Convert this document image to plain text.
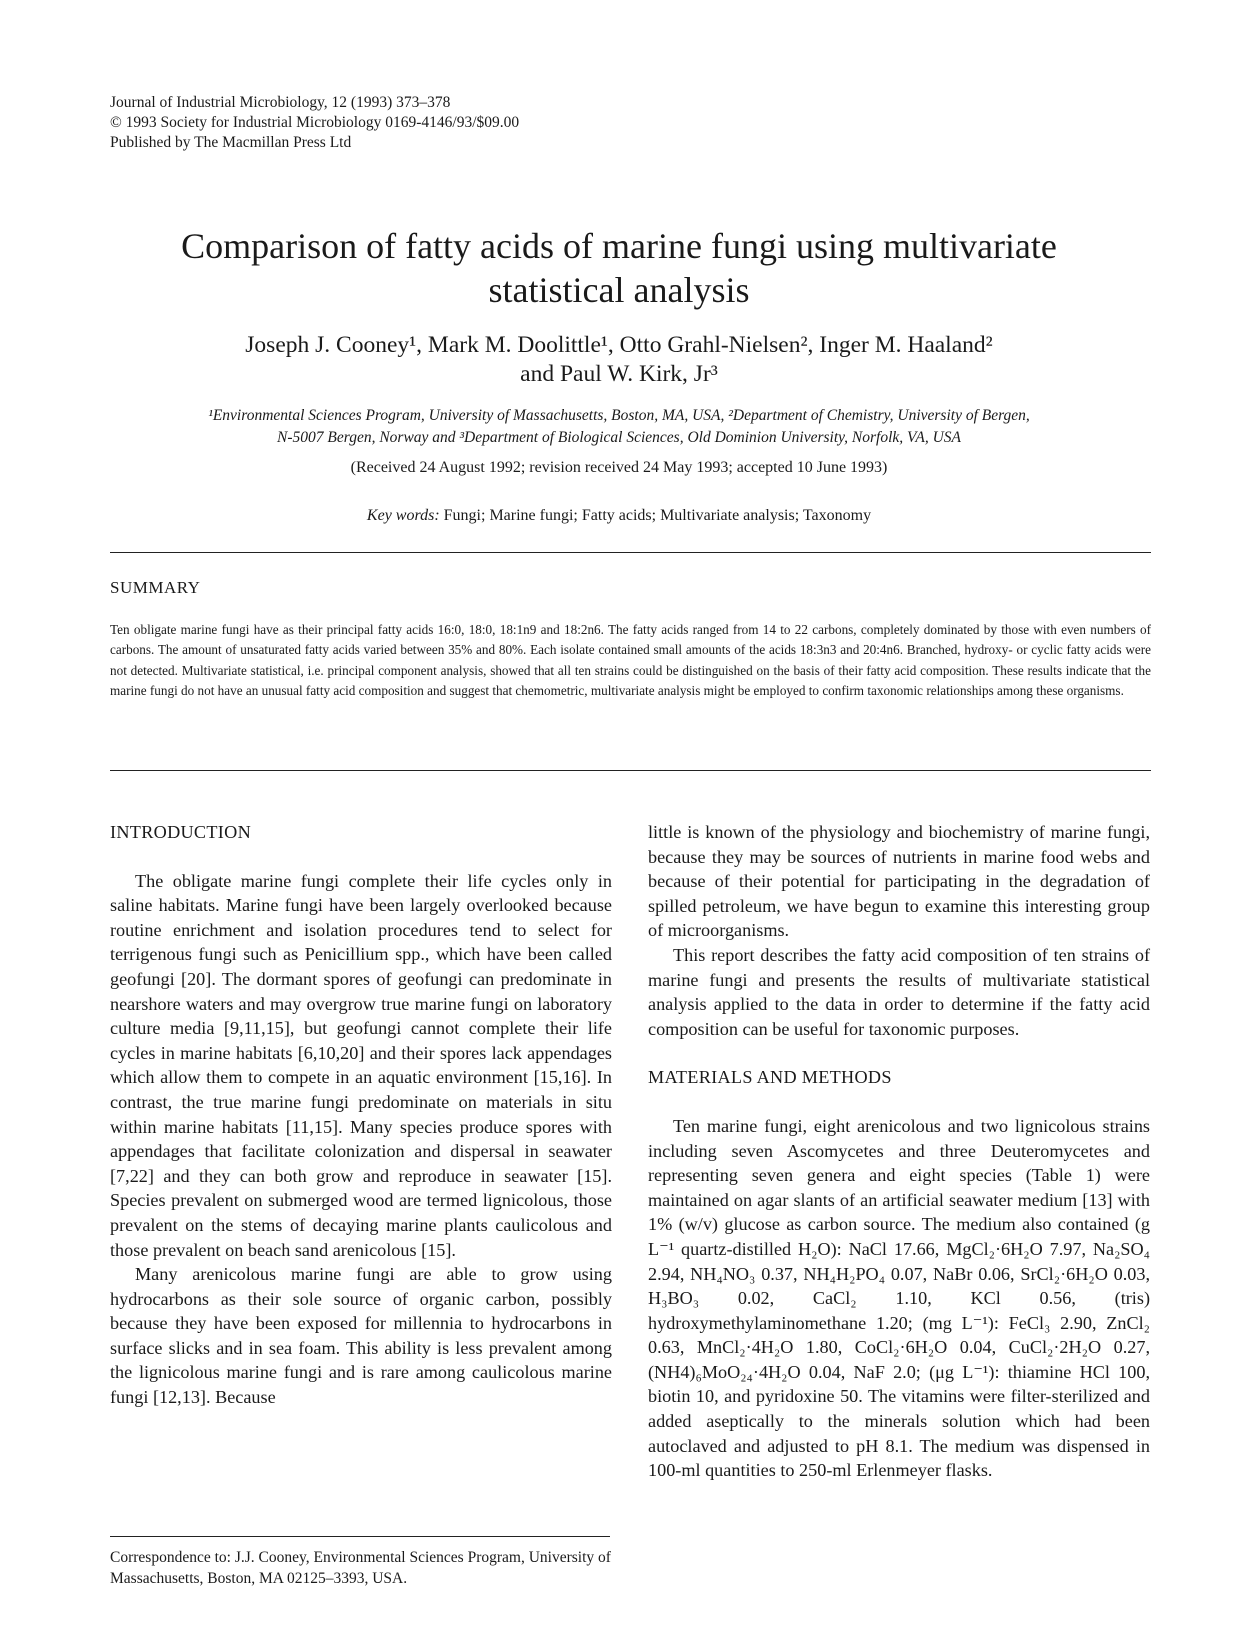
Journal of Industrial Microbiology, 12 (1993) 373–378
© 1993 Society for Industrial Microbiology 0169-4146/93/$09.00
Published by The Macmillan Press Ltd
Comparison of fatty acids of marine fungi using multivariate
statistical analysis
Joseph J. Cooney¹, Mark M. Doolittle¹, Otto Grahl-Nielsen², Inger M. Haaland²
and Paul W. Kirk, Jr³
¹Environmental Sciences Program, University of Massachusetts, Boston, MA, USA, ²Department of Chemistry, University of Bergen,
N-5007 Bergen, Norway and ³Department of Biological Sciences, Old Dominion University, Norfolk, VA, USA
(Received 24 August 1992; revision received 24 May 1993; accepted 10 June 1993)
Key words: Fungi; Marine fungi; Fatty acids; Multivariate analysis; Taxonomy
SUMMARY
Ten obligate marine fungi have as their principal fatty acids 16:0, 18:0, 18:1n9 and 18:2n6. The fatty acids ranged from 14 to 22 carbons, completely dominated by those with even numbers of carbons. The amount of unsaturated fatty acids varied between 35% and 80%. Each isolate contained small amounts of the acids 18:3n3 and 20:4n6. Branched, hydroxy- or cyclic fatty acids were not detected. Multivariate statistical, i.e. principal component analysis, showed that all ten strains could be distinguished on the basis of their fatty acid composition. These results indicate that the marine fungi do not have an unusual fatty acid composition and suggest that chemometric, multivariate analysis might be employed to confirm taxonomic relationships among these organisms.
INTRODUCTION

The obligate marine fungi complete their life cycles only in saline habitats. Marine fungi have been largely overlooked because routine enrichment and isolation procedures tend to select for terrigenous fungi such as Penicillium spp., which have been called geofungi [20]. The dormant spores of geofungi can predominate in nearshore waters and may overgrow true marine fungi on laboratory culture media [9,11,15], but geofungi cannot complete their life cycles in marine habitats [6,10,20] and their spores lack appendages which allow them to compete in an aquatic environment [15,16]. In contrast, the true marine fungi predominate on materials in situ within marine habitats [11,15]. Many species produce spores with appendages that facilitate colonization and dispersal in seawater [7,22] and they can both grow and reproduce in seawater [15]. Species prevalent on submerged wood are termed lignicolous, those prevalent on the stems of decaying marine plants caulicolous and those prevalent on beach sand arenicolous [15].

Many arenicolous marine fungi are able to grow using hydrocarbons as their sole source of organic carbon, possibly because they have been exposed for millennia to hydrocarbons in surface slicks and in sea foam. This ability is less prevalent among the lignicolous marine fungi and is rare among caulicolous marine fungi [12,13]. Because

little is known of the physiology and biochemistry of marine fungi, because they may be sources of nutrients in marine food webs and because of their potential for participating in the degradation of spilled petroleum, we have begun to examine this interesting group of microorganisms.

This report describes the fatty acid composition of ten strains of marine fungi and presents the results of multivariate statistical analysis applied to the data in order to determine if the fatty acid composition can be useful for taxonomic purposes.

MATERIALS AND METHODS

Ten marine fungi, eight arenicolous and two lignicolous strains including seven Ascomycetes and three Deuteromycetes and representing seven genera and eight species (Table 1) were maintained on agar slants of an artificial seawater medium [13] with 1% (w/v) glucose as carbon source. The medium also contained (g L⁻¹ quartz-distilled H₂O): NaCl 17.66, MgCl₂·6H₂O 7.97, Na₂SO₄ 2.94, NH₄NO₃ 0.37, NH₄H₂PO₄ 0.07, NaBr 0.06, SrCl₂·6H₂O 0.03, H₃BO₃ 0.02, CaCl₂ 1.10, KCl 0.56, (tris) hydroxymethylaminomethane 1.20; (mg L⁻¹): FeCl₃ 2.90, ZnCl₂ 0.63, MnCl₂·4H₂O 1.80, CoCl₂·6H₂O 0.04, CuCl₂·2H₂O 0.27, (NH4)₆MoO₂₄·4H₂O 0.04, NaF 2.0; (μg L⁻¹): thiamine HCl 100, biotin 10, and pyridoxine 50. The vitamins were filter-sterilized and added aseptically to the minerals solution which had been autoclaved and adjusted to pH 8.1. The medium was dispensed in 100-ml quantities to 250-ml Erlenmeyer flasks.

Correspondence to: J.J. Cooney, Environmental Sciences Program, University of Massachusetts, Boston, MA 02125–3393, USA.
